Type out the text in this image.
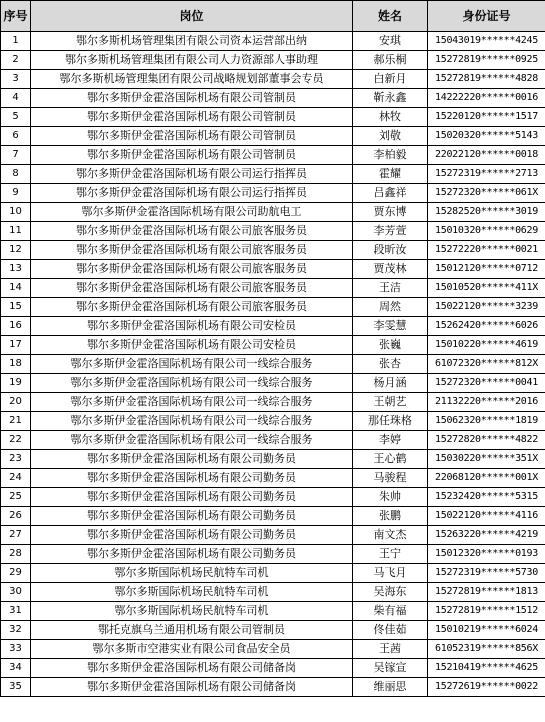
序号	岗位	姓名	身份证号
1	鄂尔多斯机场管理集团有限公司资本运营部出纳	安琪	15043019******4245
2	鄂尔多斯机场管理集团有限公司人力资源部人事助理	郝乐桐	15272819******0925
3	鄂尔多斯机场管理集团有限公司战略规划部董事会专员	白新月	15272819******4828
4	鄂尔多斯伊金霍洛国际机场有限公司管制员	靳永鑫	14222220******0016
5	鄂尔多斯伊金霍洛国际机场有限公司管制员	林牧	15220120******1517
6	鄂尔多斯伊金霍洛国际机场有限公司管制员	刘敬	15020320******5143
7	鄂尔多斯伊金霍洛国际机场有限公司管制员	李柏毅	22022120******0018
8	鄂尔多斯伊金霍洛国际机场有限公司运行指挥员	霍耀	15272319******2713
9	鄂尔多斯伊金霍洛国际机场有限公司运行指挥员	吕鑫祥	15272320******061X
10	鄂尔多斯伊金霍洛国际机场有限公司助航电工	贾东博	15282520******3019
11	鄂尔多斯伊金霍洛国际机场有限公司旅客服务员	李芳萱	15010320******0629
12	鄂尔多斯伊金霍洛国际机场有限公司旅客服务员	段昕汝	15272220******0021
13	鄂尔多斯伊金霍洛国际机场有限公司旅客服务员	贾茂林	15012120******0712
14	鄂尔多斯伊金霍洛国际机场有限公司旅客服务员	王洁	15010520******411X
15	鄂尔多斯伊金霍洛国际机场有限公司旅客服务员	周然	15022120******3239
16	鄂尔多斯伊金霍洛国际机场有限公司安检员	李雯慧	15262420******6026
17	鄂尔多斯伊金霍洛国际机场有限公司安检员	张巍	15010220******4619
18	鄂尔多斯伊金霍洛国际机场有限公司一线综合服务	张杏	61072320******812X
19	鄂尔多斯伊金霍洛国际机场有限公司一线综合服务	杨月涵	15272320******0041
20	鄂尔多斯伊金霍洛国际机场有限公司一线综合服务	王朝艺	21132220******2016
21	鄂尔多斯伊金霍洛国际机场有限公司一线综合服务	那任珠格	15062320******1819
22	鄂尔多斯伊金霍洛国际机场有限公司一线综合服务	李婷	15272820******4822
23	鄂尔多斯伊金霍洛国际机场有限公司勤务员	王心鹤	15030220******351X
24	鄂尔多斯伊金霍洛国际机场有限公司勤务员	马骏程	22068120******001X
25	鄂尔多斯伊金霍洛国际机场有限公司勤务员	朱帅	15232420******5315
26	鄂尔多斯伊金霍洛国际机场有限公司勤务员	张鹏	15022120******4116
27	鄂尔多斯伊金霍洛国际机场有限公司勤务员	南文杰	15263220******4219
28	鄂尔多斯伊金霍洛国际机场有限公司勤务员	王宁	15012320******0193
29	鄂尔多斯国际机场民航特车司机	马飞月	15272319******5730
30	鄂尔多斯国际机场民航特车司机	吴海东	15272819******1813
31	鄂尔多斯国际机场民航特车司机	柴有福	15272819******1512
32	鄂托克旗乌兰通用机场有限公司管制员	佟佳茹	15010219******6024
33	鄂尔多斯市空港实业有限公司食品安全员	王茜	61052319******856X
34	鄂尔多斯伊金霍洛国际机场有限公司储备岗	吴镓宣	15210419******4625
35	鄂尔多斯伊金霍洛国际机场有限公司储备岗	维丽思	15272619******0022
